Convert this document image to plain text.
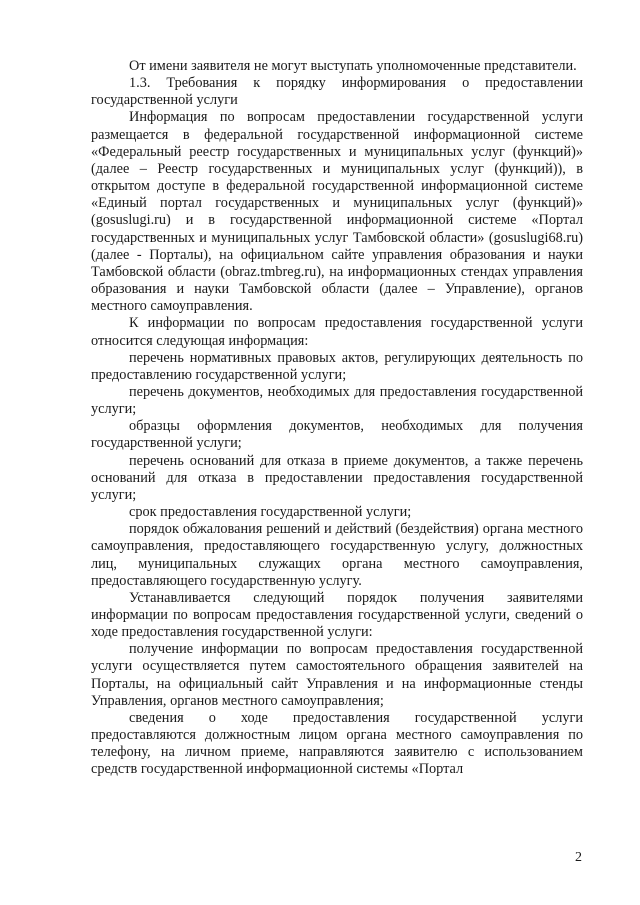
От имени заявителя не могут выступать уполномоченные представители.

1.3. Требования к порядку информирования о предоставлении государственной услуги

Информация по вопросам предоставлении государственной услуги размещается в федеральной государственной информационной системе «Федеральный реестр государственных и муниципальных услуг (функций)» (далее – Реестр государственных и муниципальных услуг (функций)), в открытом доступе в федеральной государственной информационной системе «Единый портал государственных и муниципальных услуг (функций)» (gosuslugi.ru) и в государственной информационной системе «Портал государственных и муниципальных услуг Тамбовской области» (gosuslugi68.ru) (далее - Порталы), на официальном сайте управления образования и науки Тамбовской области (obraz.tmbreg.ru), на информационных стендах управления образования и науки Тамбовской области (далее – Управление), органов местного самоуправления.

К информации по вопросам предоставления государственной услуги относится следующая информация:

перечень нормативных правовых актов, регулирующих деятельность по предоставлению государственной услуги;

перечень документов, необходимых для предоставления государственной услуги;

образцы оформления документов, необходимых для получения государственной услуги;

перечень оснований для отказа в приеме документов, а также перечень оснований для отказа в предоставлении предоставления государственной услуги;

срок предоставления государственной услуги;

порядок обжалования решений и действий (бездействия) органа местного самоуправления, предоставляющего государственную услугу, должностных лиц, муниципальных служащих органа местного самоуправления, предоставляющего государственную услугу.

Устанавливается следующий порядок получения заявителями информации по вопросам предоставления государственной услуги, сведений о ходе предоставления государственной услуги:

получение информации по вопросам предоставления государственной услуги осуществляется путем самостоятельного обращения заявителей на Порталы, на официальный сайт Управления и на информационные стенды Управления, органов местного самоуправления;

сведения о ходе предоставления государственной услуги предоставляются должностным лицом органа местного самоуправления по телефону, на личном приеме, направляются заявителю с использованием средств государственной информационной системы «Портал

2
